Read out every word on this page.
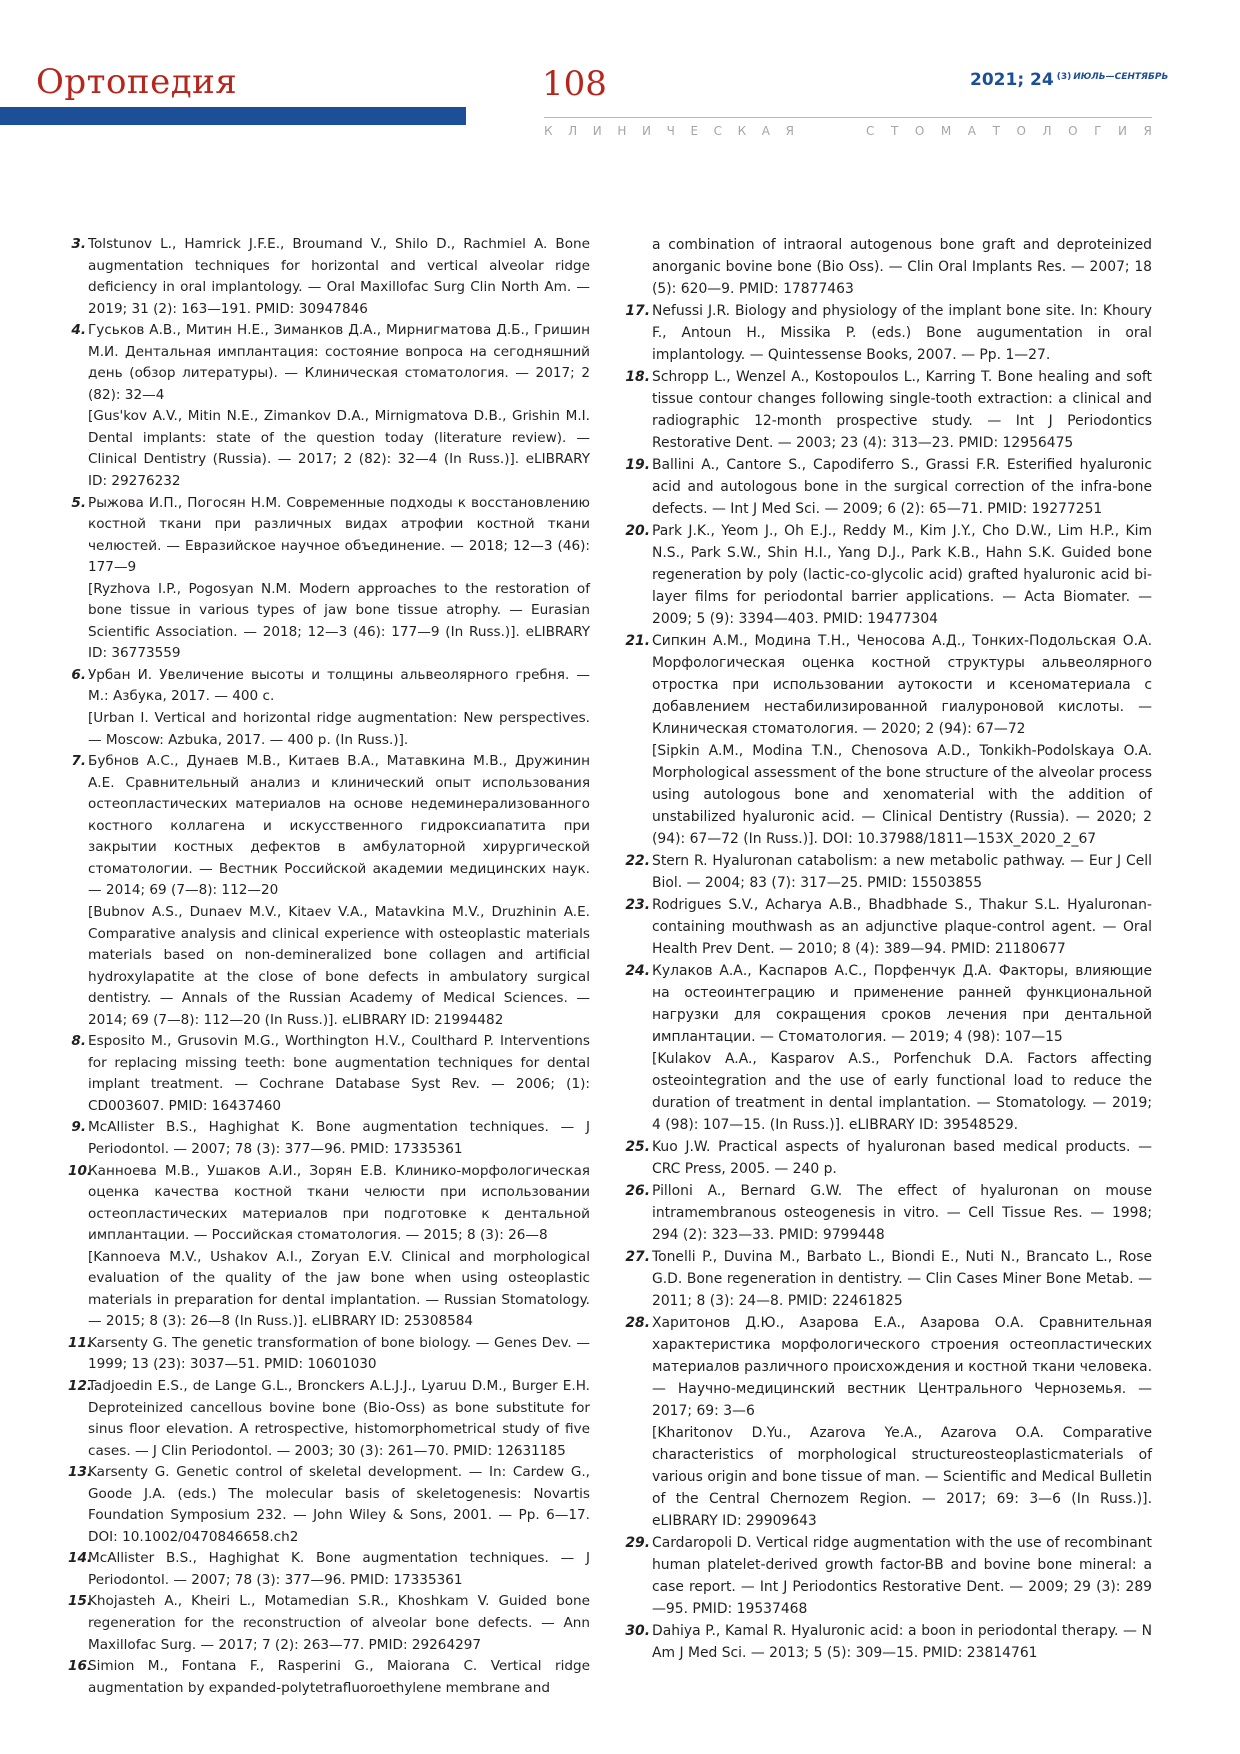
Ортопедия	108	2021; 24 $^{(3)}$ $^{ИЮЛЬ—СЕНТЯБРЬ}$
К Л И Н И Ч Е С К А Я	С Т О М А Т О Л О Г И Я

3. Tolstunov L., Hamrick J.F.E., Broumand V., Shilo D., Rachmiel A. Bone augmentation techniques for horizontal and vertical alveolar ridge deficiency in oral implantology. — Oral Maxillofac Surg Clin North Am. — 2019; 31 (2): 163—191. PMID: 30947846

4. Гуськов А.В., Митин Н.Е., Зиманков Д.А., Мирнигматова Д.Б., Гришин М.И. Дентальная имплантация: состояние вопроса на сегодняшний день (обзор литературы). — Клиническая стоматология. — 2017; 2 (82): 32—4
[Gus'kov A.V., Mitin N.E., Zimankov D.A., Mirnigmatova D.B., Grishin M.I. Dental implants: state of the question today (literature review). — Clinical Dentistry (Russia). — 2017; 2 (82): 32—4 (In Russ.)]. eLIBRARY ID: 29276232

5. Рыжова И.П., Погосян Н.М. Современные подходы к восстановлению костной ткани при различных видах атрофии костной ткани челюстей. — Евразийское научное объединение. — 2018; 12—3 (46): 177—9
[Ryzhova I.P., Pogosyan N.M. Modern approaches to the restoration of bone tissue in various types of jaw bone tissue atrophy. — Eurasian Scientific Association. — 2018; 12—3 (46): 177—9 (In Russ.)]. eLIBRARY ID: 36773559

6. Урбан И. Увеличение высоты и толщины альвеолярного гребня. — М.: Азбука, 2017. — 400 с.
[Urban I. Vertical and horizontal ridge augmentation: New perspectives. — Moscow: Azbuka, 2017. — 400 p. (In Russ.)].

7. Бубнов А.С., Дунаев М.В., Китаев В.А., Матавкина М.В., Дружинин А.Е. Сравнительный анализ и клинический опыт использования остеопластических материалов на основе недеминерализованного костного коллагена и искусственного гидроксиапатита при закрытии костных дефектов в амбулаторной хирургической стоматологии. — Вестник Российской академии медицинских наук. — 2014; 69 (7—8): 112—20
[Bubnov A.S., Dunaev M.V., Kitaev V.A., Matavkina M.V., Druzhinin A.E. Comparative analysis and clinical experience with osteoplastic materials materials based on non-demineralized bone collagen and artificial hydroxylapatite at the close of bone defects in ambulatory surgical dentistry. — Annals of the Russian Academy of Medical Sciences. — 2014; 69 (7—8): 112—20 (In Russ.)]. eLIBRARY ID: 21994482

8. Esposito M., Grusovin M.G., Worthington H.V., Coulthard P. Interventions for replacing missing teeth: bone augmentation techniques for dental implant treatment. — Cochrane Database Syst Rev. — 2006; (1): CD003607. PMID: 16437460

9. McAllister B.S., Haghighat K. Bone augmentation techniques. — J Periodontol. — 2007; 78 (3): 377—96. PMID: 17335361

10.
Канноева М.В., Ушаков А.И., Зорян Е.В. Клинико-морфологическая оценка качества костной ткани челюсти при использовании остеопластических материалов при подготовке к дентальной имплантации. — Российская стоматология. — 2015; 8 (3): 26—8
[Kannoeva M.V., Ushakov A.I., Zoryan E.V. Clinical and morphological evaluation of the quality of the jaw bone when using osteoplastic materials in preparation for dental implantation. — Russian Stomatology. — 2015; 8 (3): 26—8 (In Russ.)]. eLIBRARY ID: 25308584

11.
Karsenty G. The genetic transformation of bone biology. — Genes Dev. — 1999; 13 (23): 3037—51. PMID: 10601030

12.
Tadjoedin E.S., de Lange G.L., Bronckers A.L.J.J., Lyaruu D.M., Burger E.H. Deproteinized cancellous bovine bone (Bio-Oss) as bone substitute for sinus floor elevation. A retrospective, histomorphometrical study of five cases. — J Clin Periodontol. — 2003; 30 (3): 261—70. PMID: 12631185

13.
Karsenty G. Genetic control of skeletal development. — In: Cardew G., Goode J.A. (eds.) The molecular basis of skeletogenesis: Novartis Foundation Symposium 232. — John Wiley & Sons, 2001. — Pp. 6—17. DOI: 10.1002/0470846658.ch2

14.
McAllister B.S., Haghighat K. Bone augmentation techniques. — J Periodontol. — 2007; 78 (3): 377—96. PMID: 17335361

15.
Khojasteh A., Kheiri L., Motamedian S.R., Khoshkam V. Guided bone regeneration for the reconstruction of alveolar bone defects. — Ann Maxillofac Surg. — 2017; 7 (2): 263—77. PMID: 29264297

16.
Simion M., Fontana F., Rasperini G., Maiorana C. Vertical ridge augmentation by expanded-polytetrafluoroethylene membrane and

a combination of intraoral autogenous bone graft and deproteinized anorganic bovine bone (Bio Oss). — Clin Oral Implants Res. — 2007; 18 (5): 620—9. PMID: 17877463

17. Nefussi J.R. Biology and physiology of the implant bone site. In: Khoury F., Antoun H., Missika P. (eds.) Bone augumentation in oral implantology. — Quintessense Books, 2007. — Pp. 1—27.

18. Schropp L., Wenzel A., Kostopoulos L., Karring T. Bone healing and soft tissue contour changes following single-tooth extraction: a clinical and radiographic 12-month prospective study. — Int J Periodontics Restorative Dent. — 2003; 23 (4): 313—23. PMID: 12956475

19. Ballini A., Cantore S., Capodiferro S., Grassi F.R. Esterified hyaluronic acid and autologous bone in the surgical correction of the infra-bone defects. — Int J Med Sci. — 2009; 6 (2): 65—71. PMID: 19277251

20. Park J.K., Yeom J., Oh E.J., Reddy M., Kim J.Y., Cho D.W., Lim H.P., Kim N.S., Park S.W., Shin H.I., Yang D.J., Park K.B., Hahn S.K. Guided bone regeneration by poly (lactic-co-glycolic acid) grafted hyaluronic acid bi-layer films for periodontal barrier applications. — Acta Biomater. — 2009; 5 (9): 3394—403. PMID: 19477304

21. Сипкин А.М., Модина Т.Н., Ченосова А.Д., Тонких-Подольская О.А. Морфологическая оценка костной структуры альвеолярного отростка при использовании аутокости и ксеноматериала с добавлением нестабилизированной гиалуроновой кислоты. — Клиническая стоматология. — 2020; 2 (94): 67—72
[Sipkin A.M., Modina T.N., Chenosova A.D., Tonkikh-Podolskaya O.A. Morphological assessment of the bone structure of the alveolar process using autologous bone and xenomaterial with the addition of unstabilized hyaluronic acid. — Clinical Dentistry (Russia). — 2020; 2 (94): 67—72 (In Russ.)]. DOI: 10.37988/1811—153X_2020_2_67

22. Stern R. Hyaluronan catabolism: a new metabolic pathway. — Eur J Cell Biol. — 2004; 83 (7): 317—25. PMID: 15503855

23. Rodrigues S.V., Acharya A.B., Bhadbhade S., Thakur S.L. Hyaluronan-containing mouthwash as an adjunctive plaque-control agent. — Oral Health Prev Dent. — 2010; 8 (4): 389—94. PMID: 21180677

24. Кулаков А.А., Каспаров А.С., Порфенчук Д.А. Факторы, влияющие на остеоинтеграцию и применение ранней функциональной нагрузки для сокращения сроков лечения при дентальной имплантации. — Стоматология. — 2019; 4 (98): 107—15
[Kulakov A.A., Kasparov A.S., Porfenchuk D.A. Factors affecting osteointegration and the use of early functional load to reduce the duration of treatment in dental implantation. — Stomatology. — 2019; 4 (98): 107—15. (In Russ.)]. eLIBRARY ID: 39548529.

25. Kuo J.W. Practical aspects of hyaluronan based medical products. — CRC Press, 2005. — 240 p.

26. Pilloni A., Bernard G.W. The effect of hyaluronan on mouse intramembranous osteogenesis in vitro. — Cell Tissue Res. — 1998; 294 (2): 323—33. PMID: 9799448

27. Tonelli P., Duvina M., Barbato L., Biondi E., Nuti N., Brancato L., Rose G.D. Bone regeneration in dentistry. — Clin Cases Miner Bone Metab. — 2011; 8 (3): 24—8. PMID: 22461825

28. Харитонов Д.Ю., Азарова Е.А., Азарова О.А. Сравнительная характеристика морфологического строения остеопластических материалов различного происхождения и костной ткани человека. — Научно-медицинский вестник Центрального Черноземья. — 2017; 69: 3—6
[Kharitonov D.Yu., Azarova Ye.A., Azarova O.A. Comparative characteristics of morphological structureosteoplasticmaterials of various origin and bone tissue of man. — Scientific and Medical Bulletin of the Central Chernozem Region. — 2017; 69: 3—6 (In Russ.)]. eLIBRARY ID: 29909643

29. Cardaropoli D. Vertical ridge augmentation with the use of recombinant human platelet-derived growth factor-BB and bovine bone mineral: a case report. — Int J Periodontics Restorative Dent. — 2009; 29 (3): 289—95. PMID: 19537468

30. Dahiya P., Kamal R. Hyaluronic acid: a boon in periodontal therapy. — N Am J Med Sci. — 2013; 5 (5): 309—15. PMID: 23814761
